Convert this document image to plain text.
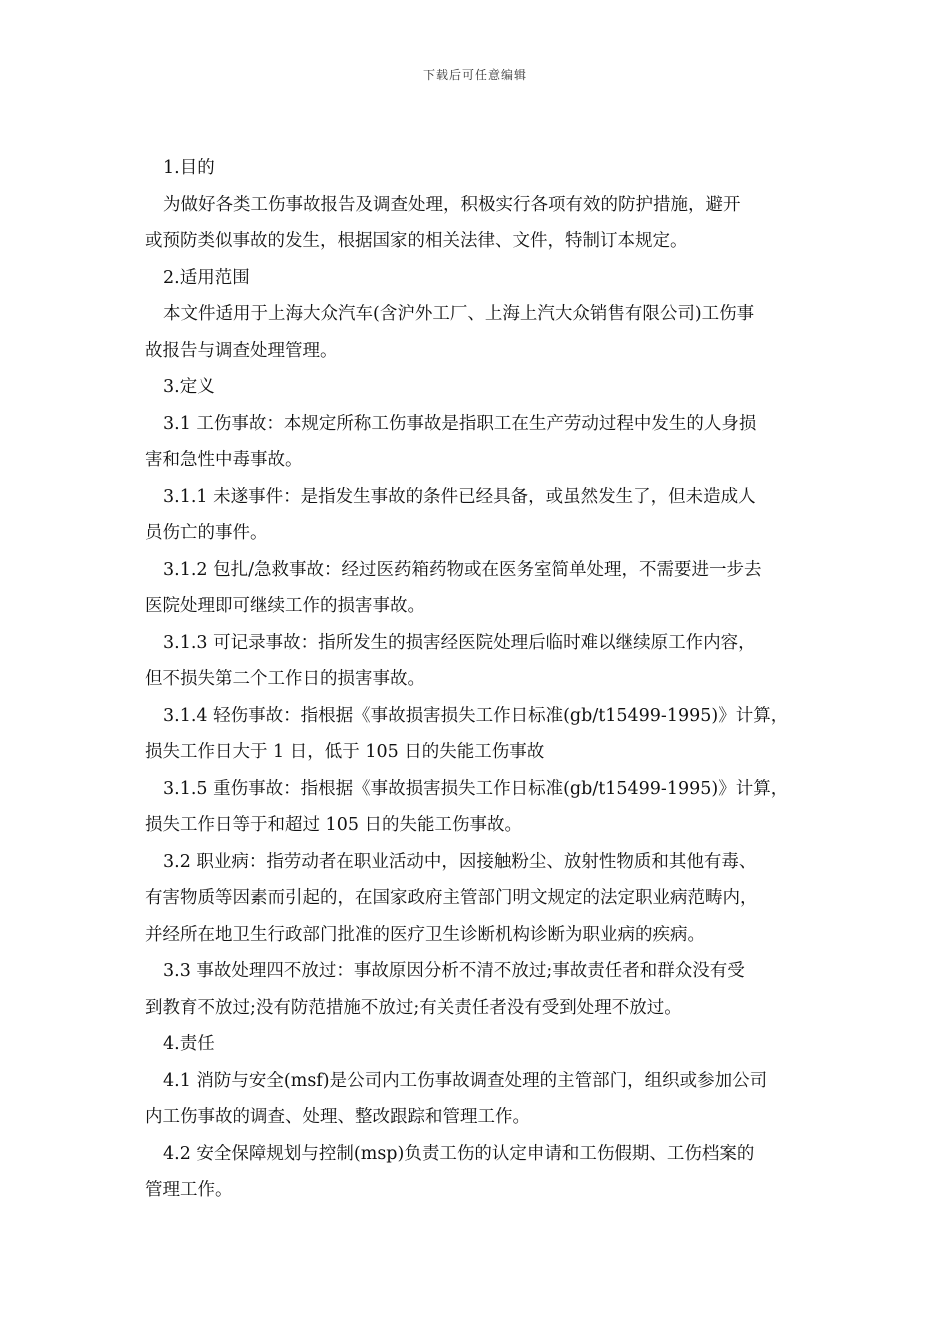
下载后可任意编辑

1.目的

为做好各类工伤事故报告及调查处理，积极实行各项有效的防护措施，避开

或预防类似事故的发生，根据国家的相关法律、文件，特制订本规定。

2.适用范围

本文件适用于上海大众汽车(含沪外工厂、上海上汽大众销售有限公司)工伤事

故报告与调查处理管理。

3.定义

3.1 工伤事故：本规定所称工伤事故是指职工在生产劳动过程中发生的人身损

害和急性中毒事故。

3.1.1 未遂事件：是指发生事故的条件已经具备，或虽然发生了，但未造成人

员伤亡的事件。

3.1.2 包扎/急救事故：经过医药箱药物或在医务室简单处理，不需要进一步去

医院处理即可继续工作的损害事故。

3.1.3 可记录事故：指所发生的损害经医院处理后临时难以继续原工作内容，

但不损失第二个工作日的损害事故。

3.1.4 轻伤事故：指根据《事故损害损失工作日标准(gb/t15499-1995)》计算，

损失工作日大于 1 日，低于 105 日的失能工伤事故

3.1.5 重伤事故：指根据《事故损害损失工作日标准(gb/t15499-1995)》计算，

损失工作日等于和超过 105 日的失能工伤事故。

3.2 职业病：指劳动者在职业活动中，因接触粉尘、放射性物质和其他有毒、

有害物质等因素而引起的，在国家政府主管部门明文规定的法定职业病范畴内，

并经所在地卫生行政部门批准的医疗卫生诊断机构诊断为职业病的疾病。

3.3 事故处理四不放过：事故原因分析不清不放过;事故责任者和群众没有受

到教育不放过;没有防范措施不放过;有关责任者没有受到处理不放过。

4.责任

4.1 消防与安全(msf)是公司内工伤事故调查处理的主管部门，组织或参加公司

内工伤事故的调查、处理、整改跟踪和管理工作。

4.2 安全保障规划与控制(msp)负责工伤的认定申请和工伤假期、工伤档案的

管理工作。
